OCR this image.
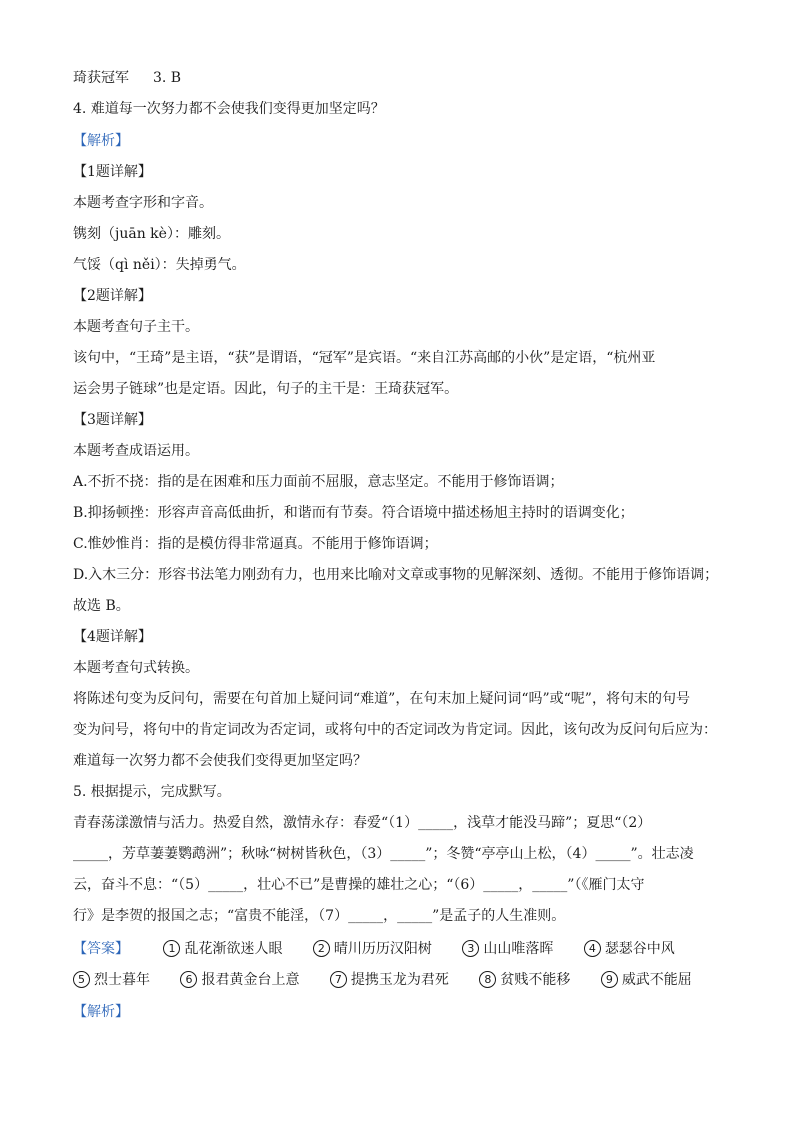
琦获冠军 3. B
4. 难道每一次努力都不会使我们变得更加坚定吗？
【解析】
【1题详解】
本题考查字形和字音。
镌刻（juān kè）：雕刻。
气馁（qì něi）：失掉勇气。
【2题详解】
本题考查句子主干。
该句中，“王琦”是主语，“获”是谓语，“冠军”是宾语。“来自江苏高邮的小伙”是定语，“杭州亚
运会男子链球”也是定语。因此，句子的主干是：王琦获冠军。
【3题详解】
本题考查成语运用。
A.不折不挠：指的是在困难和压力面前不屈服，意志坚定。不能用于修饰语调；
B.抑扬顿挫：形容声音高低曲折，和谐而有节奏。符合语境中描述杨旭主持时的语调变化；
C.惟妙惟肖：指的是模仿得非常逼真。不能用于修饰语调；
D.入木三分：形容书法笔力刚劲有力，也用来比喻对文章或事物的见解深刻、透彻。不能用于修饰语调；
故选 B。
【4题详解】
本题考查句式转换。
将陈述句变为反问句，需要在句首加上疑问词“难道”，在句末加上疑问词“吗”或“呢”，将句末的句号
变为问号，将句中的肯定词改为否定词，或将句中的否定词改为肯定词。因此，该句改为反问句后应为：
难道每一次努力都不会使我们变得更加坚定吗？
5. 根据提示，完成默写。
青春荡漾激情与活力。热爱自然，激情永存：春爱“（1）_____，浅草才能没马蹄”；夏思“（2）
_____，芳草萋萋鹦鹉洲”；秋咏“树树皆秋色，（3）_____”；冬赞“亭亭山上松，（4）_____”。壮志凌
云，奋斗不息：“（5）_____，壮心不已”是曹操的雄壮之心；“（6）_____，_____”（《雁门太守
行》是李贺的报国之志；“富贵不能淫，（7）_____，_____”是孟子的人生准则。
【答案】	1 乱花渐欲迷人眼	2 晴川历历汉阳树	3 山山唯落晖	4 瑟瑟谷中风
5 烈士暮年	6 报君黄金台上意	7 提携玉龙为君死	8 贫贱不能移	9 威武不能屈
【解析】
